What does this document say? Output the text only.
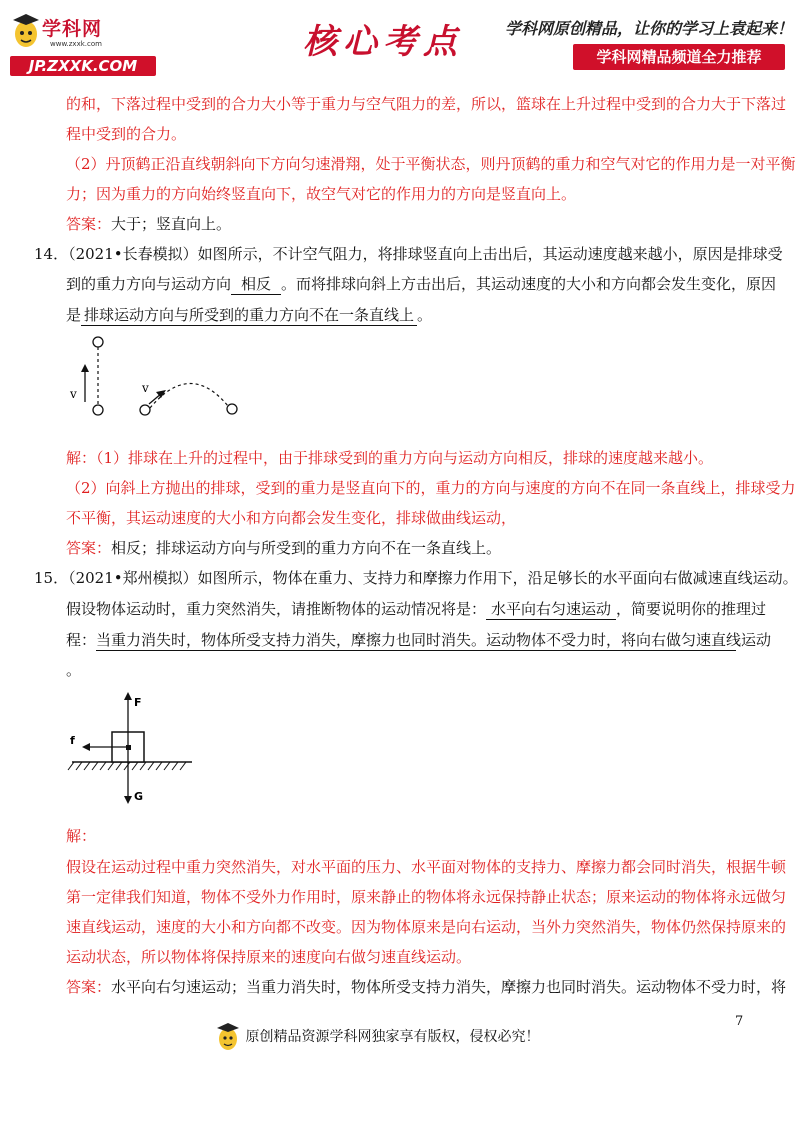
学科网
www.zxxk.com
JP.ZXXK.COM
核心考点	学科网原创精品，让你的学习上袁起来！
学科网精品频道全力推荐
的和，下落过程中受到的合力大小等于重力与空气阻力的差，所以，篮球在上升过程中受到的合力大于下落过
程中受到的合力。
（2）丹顶鹤正沿直线朝斜向下方向匀速滑翔，处于平衡状态，则丹顶鹤的重力和空气对它的作用力是一对平衡
力；因为重力的方向始终竖直向下，故空气对它的作用力的方向是竖直向上。
答案：大于；竖直向上。
14．（2021•长春模拟）如图所示，不计空气阻力，将排球竖直向上击出后，其运动速度越来越小，原因是排球受
到的重力方向与运动方向 相反 。而将排球向斜上方击出后，其运动速度的大小和方向都会发生变化，原因
是 排球运动方向与所受到的重力方向不在一条直线上 。
v	v
解：（1）排球在上升的过程中，由于排球受到的重力方向与运动方向相反，排球的速度越来越小。
（2）向斜上方抛出的排球，受到的重力是竖直向下的，重力的方向与速度的方向不在同一条直线上，排球受力
不平衡，其运动速度的大小和方向都会发生变化，排球做曲线运动，
答案：相反；排球运动方向与所受到的重力方向不在一条直线上。
15．（2021•郑州模拟）如图所示，物体在重力、支持力和摩擦力作用下，沿足够长的水平面向右做减速直线运动。
假设物体运动时，重力突然消失，请推断物体的运动情况将是： 水平向右匀速运动 ，简要说明你的推理过
程：当重力消失时，物体所受支持力消失，摩擦力也同时消失。运动物体不受力时，将向右做匀速直线运动
。
F
f
G
解：
假设在运动过程中重力突然消失，对水平面的压力、水平面对物体的支持力、摩擦力都会同时消失，根据牛顿
第一定律我们知道，物体不受外力作用时，原来静止的物体将永远保持静止状态；原来运动的物体将永远做匀
速直线运动，速度的大小和方向都不改变。因为物体原来是向右运动，当外力突然消失，物体仍然保持原来的
运动状态，所以物体将保持原来的速度向右做匀速直线运动。
答案：水平向右匀速运动；当重力消失时，物体所受支持力消失，摩擦力也同时消失。运动物体不受力时，将
7
原创精品资源学科网独家享有版权，侵权必究！
